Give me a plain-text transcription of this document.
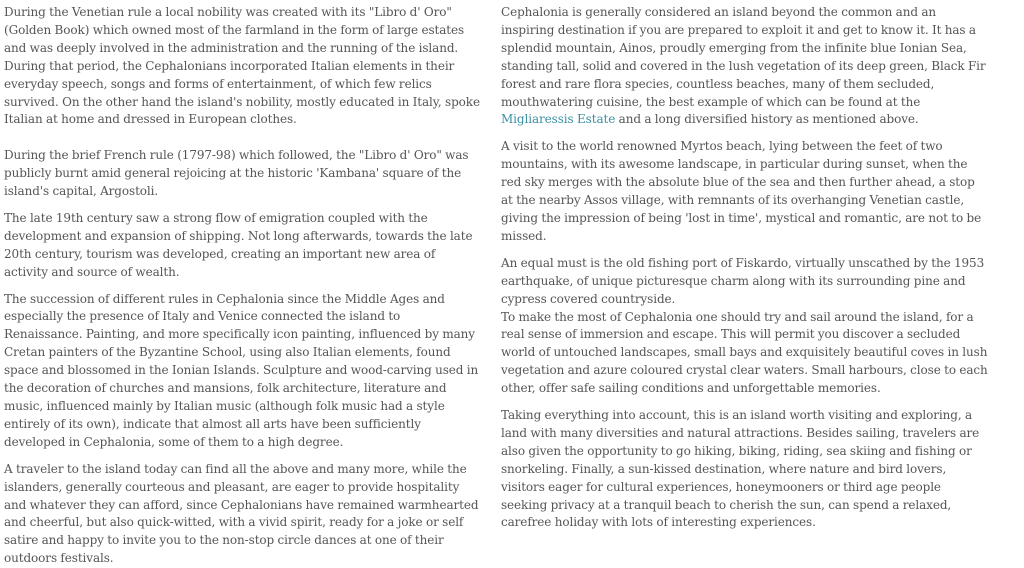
During the Venetian rule a local nobility was created with its "Libro d' Oro" (Golden Book) which owned most of the farmland in the form of large estates and was deeply involved in the administration and the running of the island. During that period, the Cephalonians incorporated Italian elements in their everyday speech, songs and forms of entertainment, of which few relics survived. On the other hand the island's nobility, mostly educated in Italy, spoke Italian at home and dressed in European clothes.

During the brief French rule (1797-98) which followed, the "Libro d' Oro" was publicly burnt amid general rejoicing at the historic 'Kambana' square of the island's capital, Argostoli.

The late 19th century saw a strong flow of emigration coupled with the development and expansion of shipping. Not long afterwards, towards the late 20th century, tourism was developed, creating an important new area of activity and source of wealth.

The succession of different rules in Cephalonia since the Middle Ages and especially the presence of Italy and Venice connected the island to Renaissance. Painting, and more specifically icon painting, influenced by many Cretan painters of the Byzantine School, using also Italian elements, found space and blossomed in the Ionian Islands. Sculpture and wood-carving used in the decoration of churches and mansions, folk architecture, literature and music, influenced mainly by Italian music (although folk music had a style entirely of its own), indicate that almost all arts have been sufficiently developed in Cephalonia, some of them to a high degree.

A traveler to the island today can find all the above and many more, while the islanders, generally courteous and pleasant, are eager to provide hospitality and whatever they can afford, since Cephalonians have remained warmhearted and cheerful, but also quick-witted, with a vivid spirit, ready for a joke or self satire and happy to invite you to the non-stop circle dances at one of their outdoors festivals.

Cephalonia is generally considered an island beyond the common and an inspiring destination if you are prepared to exploit it and get to know it. It has a splendid mountain, Ainos, proudly emerging from the infinite blue Ionian Sea, standing tall, solid and covered in the lush vegetation of its deep green, Black Fir forest and rare flora species, countless beaches, many of them secluded, mouthwatering cuisine, the best example of which can be found at the Migliaressis Estate and a long diversified history as mentioned above.

A visit to the world renowned Myrtos beach, lying between the feet of two mountains, with its awesome landscape, in particular during sunset, when the red sky merges with the absolute blue of the sea and then further ahead, a stop at the nearby Assos village, with remnants of its overhanging Venetian castle, giving the impression of being 'lost in time', mystical and romantic, are not to be missed.

An equal must is the old fishing port of Fiskardo, virtually unscathed by the 1953 earthquake, of unique picturesque charm along with its surrounding pine and cypress covered countryside.

To make the most of Cephalonia one should try and sail around the island, for a real sense of immersion and escape. This will permit you discover a secluded world of untouched landscapes, small bays and exquisitely beautiful coves in lush vegetation and azure coloured crystal clear waters. Small harbours, close to each other, offer safe sailing conditions and unforgettable memories.

Taking everything into account, this is an island worth visiting and exploring, a land with many diversities and natural attractions. Besides sailing, travelers are also given the opportunity to go hiking, biking, riding, sea skiing and fishing or snorkeling. Finally, a sun-kissed destination, where nature and bird lovers, visitors eager for cultural experiences, honeymooners or third age people seeking privacy at a tranquil beach to cherish the sun, can spend a relaxed, carefree holiday with lots of interesting experiences.
